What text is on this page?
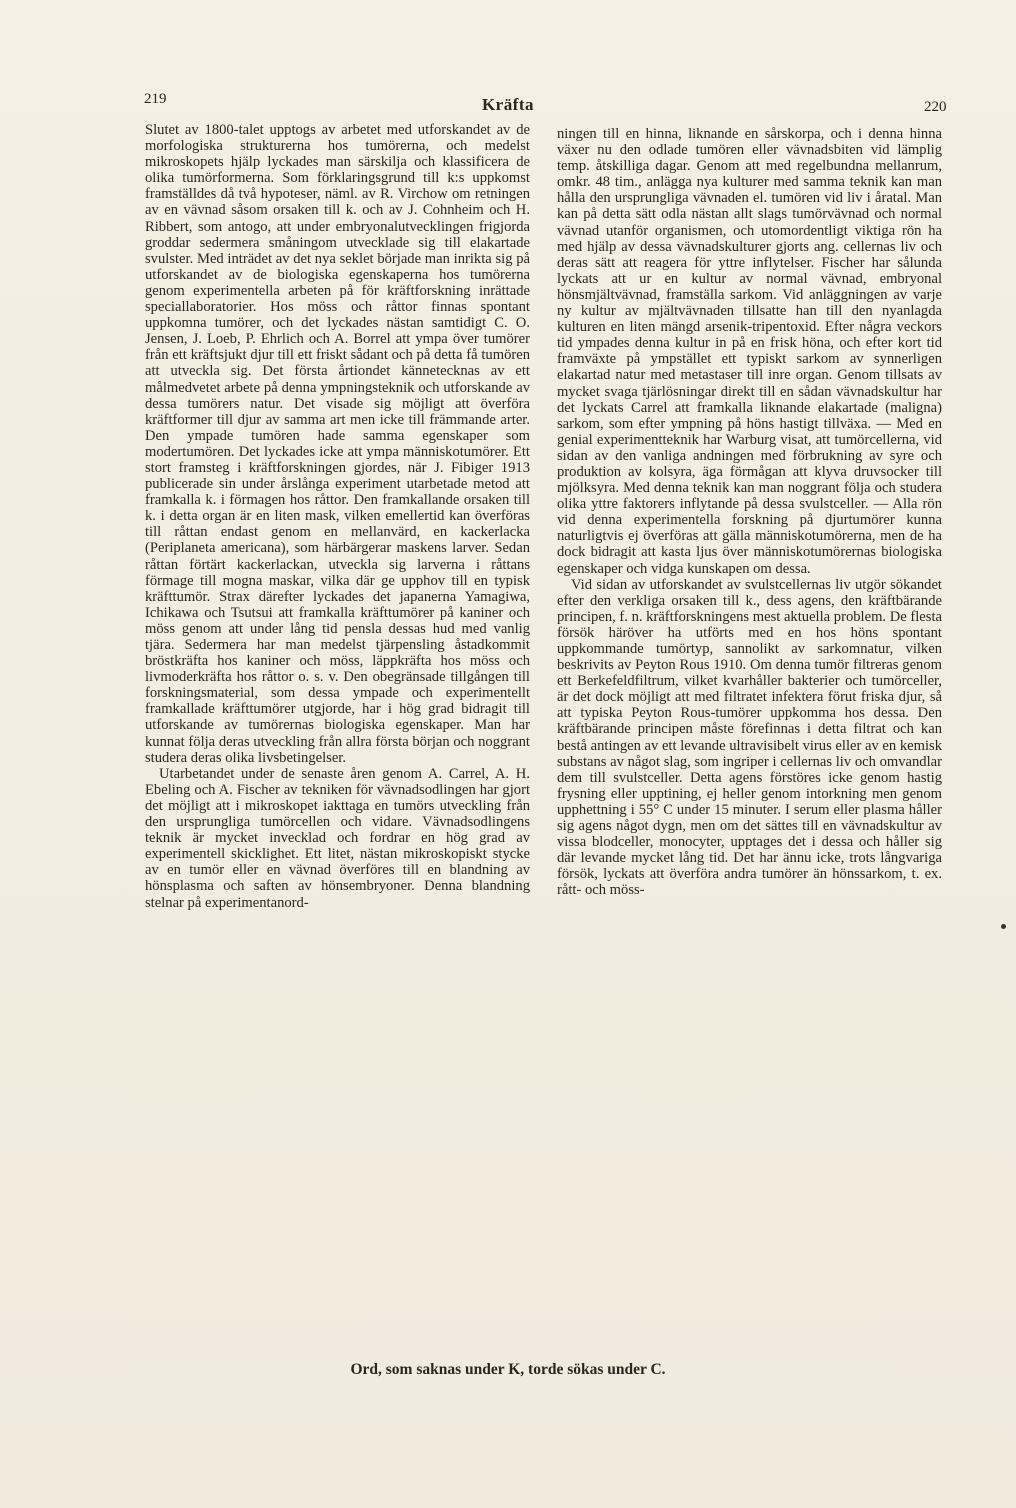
219	Kräfta	220

Slutet av 1800-talet upptogs av arbetet med utforskandet av de morfologiska strukturerna hos tumörerna, och medelst mikroskopets hjälp lyckades man särskilja och klassificera de olika tumörformerna. Som förklaringsgrund till k:s uppkomst framställdes då två hypoteser, näml. av R. Virchow om retningen av en vävnad såsom orsaken till k. och av J. Cohnheim och H. Ribbert, som antogo, att under embryonalutvecklingen frigjorda groddar sedermera småningom utvecklade sig till elakartade svulster. Med inträdet av det nya seklet började man inrikta sig på utforskandet av de biologiska egenskaperna hos tumörerna genom experimentella arbeten på för kräftforskning inrättade speciallaboratorier. Hos möss och råttor finnas spontant uppkomna tumörer, och det lyckades nästan samtidigt C. O. Jensen, J. Loeb, P. Ehrlich och A. Borrel att ympa över tumörer från ett kräftsjukt djur till ett friskt sådant och på detta få tumören att utveckla sig. Det första årtiondet kännetecknas av ett målmedvetet arbete på denna ympningsteknik och utforskande av dessa tumörers natur. Det visade sig möjligt att överföra kräftformer till djur av samma art men icke till främmande arter. Den ympade tumören hade samma egenskaper som modertumören. Det lyckades icke att ympa människotumörer. Ett stort framsteg i kräftforskningen gjordes, när J. Fibiger 1913 publicerade sin under årslånga experiment utarbetade metod att framkalla k. i förmagen hos råttor. Den framkallande orsaken till k. i detta organ är en liten mask, vilken emellertid kan överföras till råttan endast genom en mellanvärd, en kackerlacka (Periplaneta americana), som härbärgerar maskens larver. Sedan råttan förtärt kackerlackan, utveckla sig larverna i råttans förmage till mogna maskar, vilka där ge upphov till en typisk kräfttumör. Strax därefter lyckades det japanerna Yamagiwa, Ichikawa och Tsutsui att framkalla kräfttumörer på kaniner och möss genom att under lång tid pensla dessas hud med vanlig tjära. Sedermera har man medelst tjärpensling åstadkommit bröstkräfta hos kaniner och möss, läppkräfta hos möss och livmoderkräfta hos råttor o. s. v. Den obegränsade tillgången till forskningsmaterial, som dessa ympade och experimentellt framkallade kräfttumörer utgjorde, har i hög grad bidragit till utforskande av tumörernas biologiska egenskaper. Man har kunnat följa deras utveckling från allra första början och noggrant studera deras olika livsbetingelser.

Utarbetandet under de senaste åren genom A. Carrel, A. H. Ebeling och A. Fischer av tekniken för vävnadsodlingen har gjort det möjligt att i mikroskopet iakttaga en tumörs utveckling från den ursprungliga tumörcellen och vidare. Vävnadsodlingens teknik är mycket invecklad och fordrar en hög grad av experimentell skicklighet. Ett litet, nästan mikroskopiskt stycke av en tumör eller en vävnad överföres till en blandning av hönsplasma och saften av hönsembryoner. Denna blandning stelnar på experimentanord-

ningen till en hinna, liknande en sårskorpa, och i denna hinna växer nu den odlade tumören eller vävnadsbiten vid lämplig temp. åtskilliga dagar. Genom att med regelbundna mellanrum, omkr. 48 tim., anlägga nya kulturer med samma teknik kan man hålla den ursprungliga vävnaden el. tumören vid liv i åratal. Man kan på detta sätt odla nästan allt slags tumörvävnad och normal vävnad utanför organismen, och utomordentligt viktiga rön ha med hjälp av dessa vävnadskulturer gjorts ang. cellernas liv och deras sätt att reagera för yttre inflytelser. Fischer har sålunda lyckats att ur en kultur av normal vävnad, embryonal hönsmjältvävnad, framställa sarkom. Vid anläggningen av varje ny kultur av mjältvävnaden tillsatte han till den nyanlagda kulturen en liten mängd arsenik-tripentoxid. Efter några veckors tid ympades denna kultur in på en frisk höna, och efter kort tid framväxte på ympstället ett typiskt sarkom av synnerligen elakartad natur med metastaser till inre organ. Genom tillsats av mycket svaga tjärlösningar direkt till en sådan vävnadskultur har det lyckats Carrel att framkalla liknande elakartade (maligna) sarkom, som efter ympning på höns hastigt tillväxa. — Med en genial experimentteknik har Warburg visat, att tumörcellerna, vid sidan av den vanliga andningen med förbrukning av syre och produktion av kolsyra, äga förmågan att klyva druvsocker till mjölksyra. Med denna teknik kan man noggrant följa och studera olika yttre faktorers inflytande på dessa svulstceller. — Alla rön vid denna experimentella forskning på djurtumörer kunna naturligtvis ej överföras att gälla människotumörerna, men de ha dock bidragit att kasta ljus över människotumörernas biologiska egenskaper och vidga kunskapen om dessa.

Vid sidan av utforskandet av svulstcellernas liv utgör sökandet efter den verkliga orsaken till k., dess agens, den kräftbärande principen, f. n. kräftforskningens mest aktuella problem. De flesta försök häröver ha utförts med en hos höns spontant uppkommande tumörtyp, sannolikt av sarkomnatur, vilken beskrivits av Peyton Rous 1910. Om denna tumör filtreras genom ett Berkefeldfiltrum, vilket kvarhåller bakterier och tumörceller, är det dock möjligt att med filtratet infektera förut friska djur, så att typiska Peyton Rous-tumörer uppkomma hos dessa. Den kräftbärande principen måste förefinnas i detta filtrat och kan bestå antingen av ett levande ultravisibelt virus eller av en kemisk substans av något slag, som ingriper i cellernas liv och omvandlar dem till svulstceller. Detta agens förstöres icke genom hastig frysning eller upptining, ej heller genom intorkning men genom upphettning i 55° C under 15 minuter. I serum eller plasma håller sig agens något dygn, men om det sättes till en vävnadskultur av vissa blodceller, monocyter, upptages det i dessa och håller sig där levande mycket lång tid. Det har ännu icke, trots långvariga försök, lyckats att överföra andra tumörer än hönssarkom, t. ex. rått- och möss-

Ord, som saknas under K, torde sökas under C.
